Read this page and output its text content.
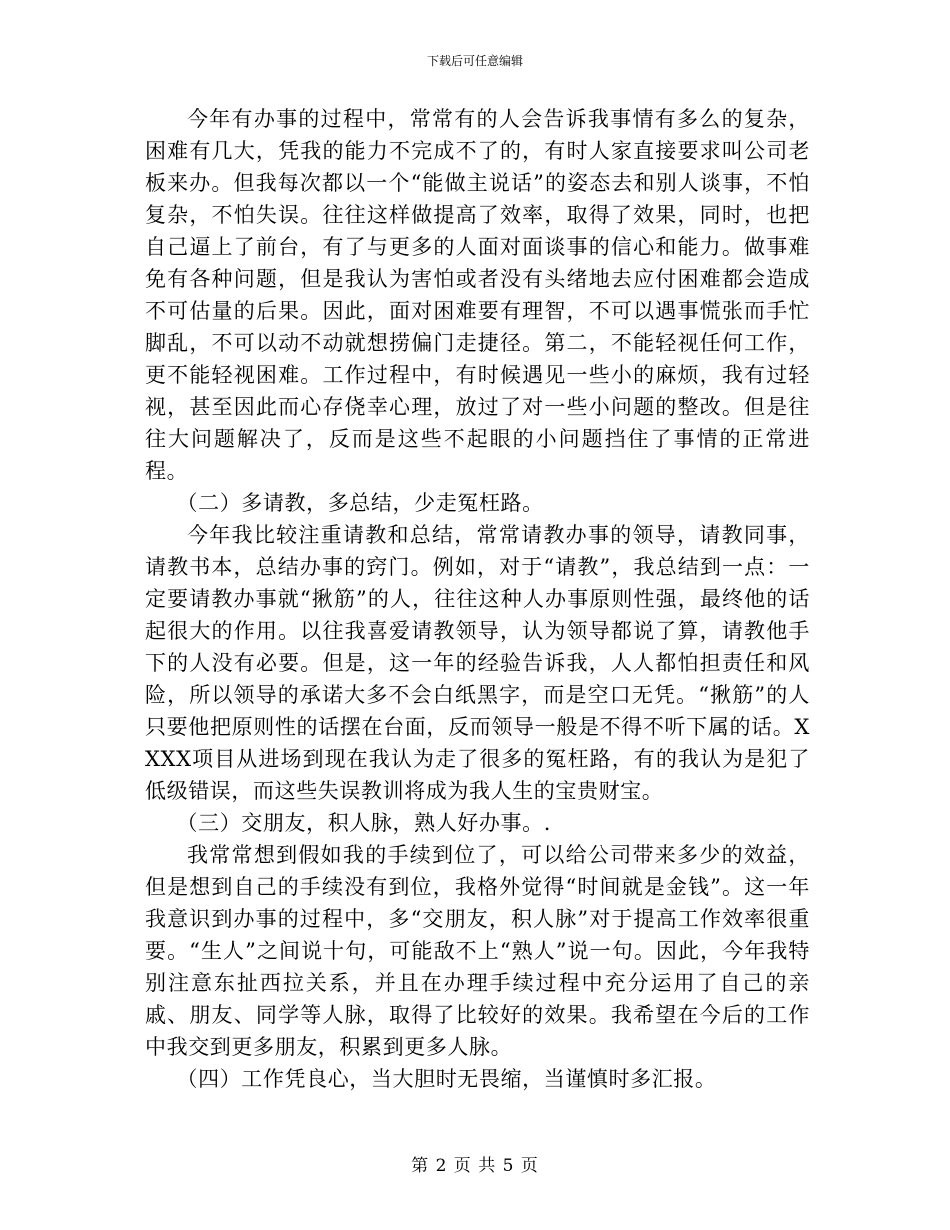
下载后可任意编辑

今年有办事的过程中，常常有的人会告诉我事情有多么的复杂，困难有几大，凭我的能力不完成不了的，有时人家直接要求叫公司老板来办。但我每次都以一个“能做主说话”的姿态去和别人谈事，不怕复杂，不怕失误。往往这样做提高了效率，取得了效果，同时，也把自己逼上了前台，有了与更多的人面对面谈事的信心和能力。做事难免有各种问题，但是我认为害怕或者没有头绪地去应付困难都会造成不可估量的后果。因此，面对困难要有理智，不可以遇事慌张而手忙脚乱，不可以动不动就想捞偏门走捷径。第二，不能轻视任何工作，更不能轻视困难。工作过程中，有时候遇见一些小的麻烦，我有过轻视，甚至因此而心存侥幸心理，放过了对一些小问题的整改。但是往往大问题解决了，反而是这些不起眼的小问题挡住了事情的正常进程。

（二）多请教，多总结，少走冤枉路。

今年我比较注重请教和总结，常常请教办事的领导，请教同事，请教书本，总结办事的窍门。例如，对于“请教”，我总结到一点：一定要请教办事就“揪筋”的人，往往这种人办事原则性强，最终他的话起很大的作用。以往我喜爱请教领导，认为领导都说了算，请教他手下的人没有必要。但是，这一年的经验告诉我，人人都怕担责任和风险，所以领导的承诺大多不会白纸黑字，而是空口无凭。“揪筋”的人只要他把原则性的话摆在台面，反而领导一般是不得不听下属的话。XXXX项目从进场到现在我认为走了很多的冤枉路，有的我认为是犯了低级错误，而这些失误教训将成为我人生的宝贵财宝。

（三）交朋友，积人脉，熟人好办事。.

我常常想到假如我的手续到位了，可以给公司带来多少的效益，但是想到自己的手续没有到位，我格外觉得“时间就是金钱”。这一年我意识到办事的过程中，多“交朋友，积人脉”对于提高工作效率很重要。“生人”之间说十句，可能敌不上“熟人”说一句。因此，今年我特别注意东扯西拉关系，并且在办理手续过程中充分运用了自己的亲戚、朋友、同学等人脉，取得了比较好的效果。我希望在今后的工作中我交到更多朋友，积累到更多人脉。

（四）工作凭良心，当大胆时无畏缩，当谨慎时多汇报。

第 2 页 共 5 页
